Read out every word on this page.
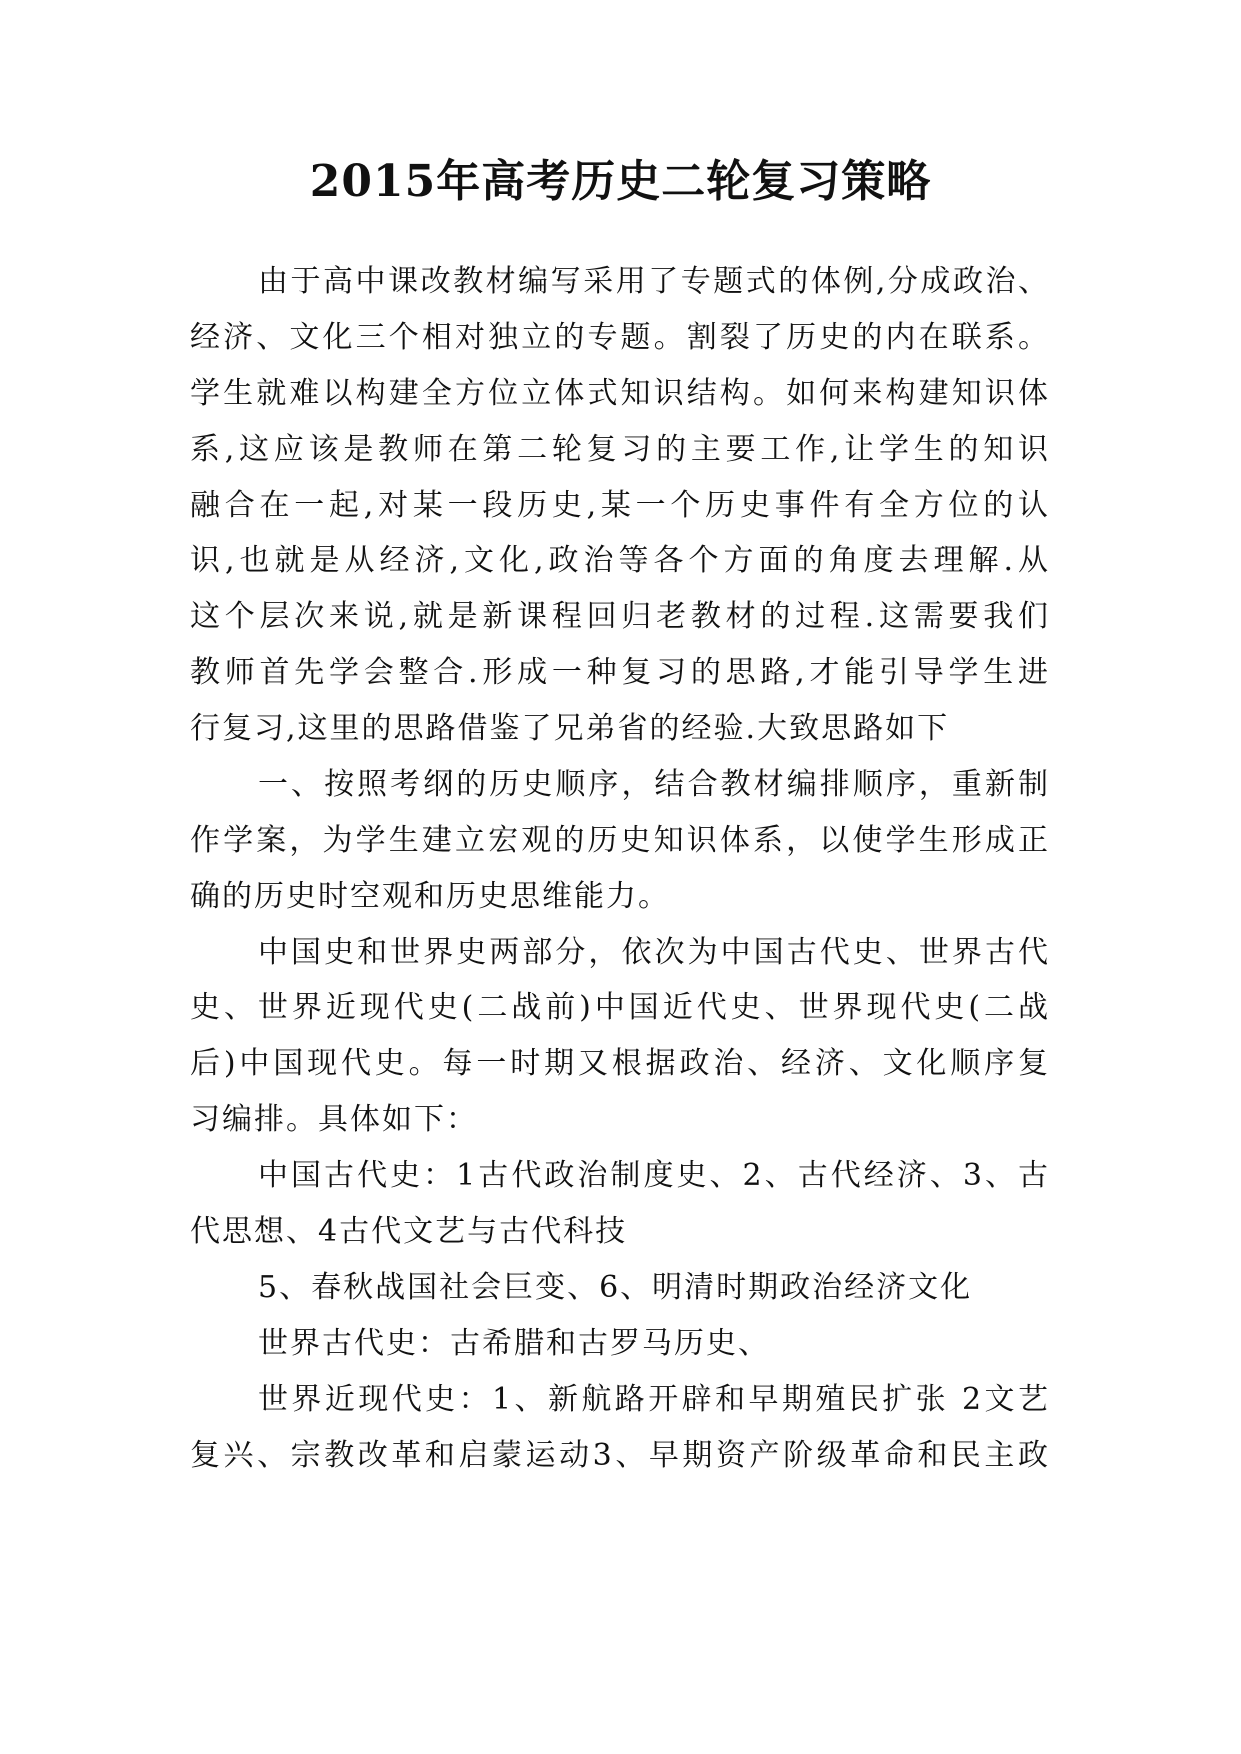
2015年高考历史二轮复习策略
由于高中课改教材编写采用了专题式的体例,分成政治、
经济、文化三个相对独立的专题。割裂了历史的内在联系。
学生就难以构建全方位立体式知识结构。如何来构建知识体
系,这应该是教师在第二轮复习的主要工作,让学生的知识
融合在一起,对某一段历史,某一个历史事件有全方位的认
识,也就是从经济,文化,政治等各个方面的角度去理解.从
这个层次来说,就是新课程回归老教材的过程.这需要我们
教师首先学会整合.形成一种复习的思路,才能引导学生进
行复习,这里的思路借鉴了兄弟省的经验.大致思路如下
一、按照考纲的历史顺序，结合教材编排顺序，重新制
作学案，为学生建立宏观的历史知识体系，以使学生形成正
确的历史时空观和历史思维能力。
中国史和世界史两部分，依次为中国古代史、世界古代
史、世界近现代史(二战前)中国近代史、世界现代史(二战
后)中国现代史。每一时期又根据政治、经济、文化顺序复
习编排。具体如下：
中国古代史：1古代政治制度史、2、古代经济、3、古
代思想、4古代文艺与古代科技
5、春秋战国社会巨变、6、明清时期政治经济文化
世界古代史：古希腊和古罗马历史、
世界近现代史：1、新航路开辟和早期殖民扩张 2文艺
复兴、宗教改革和启蒙运动3、早期资产阶级革命和民主政
